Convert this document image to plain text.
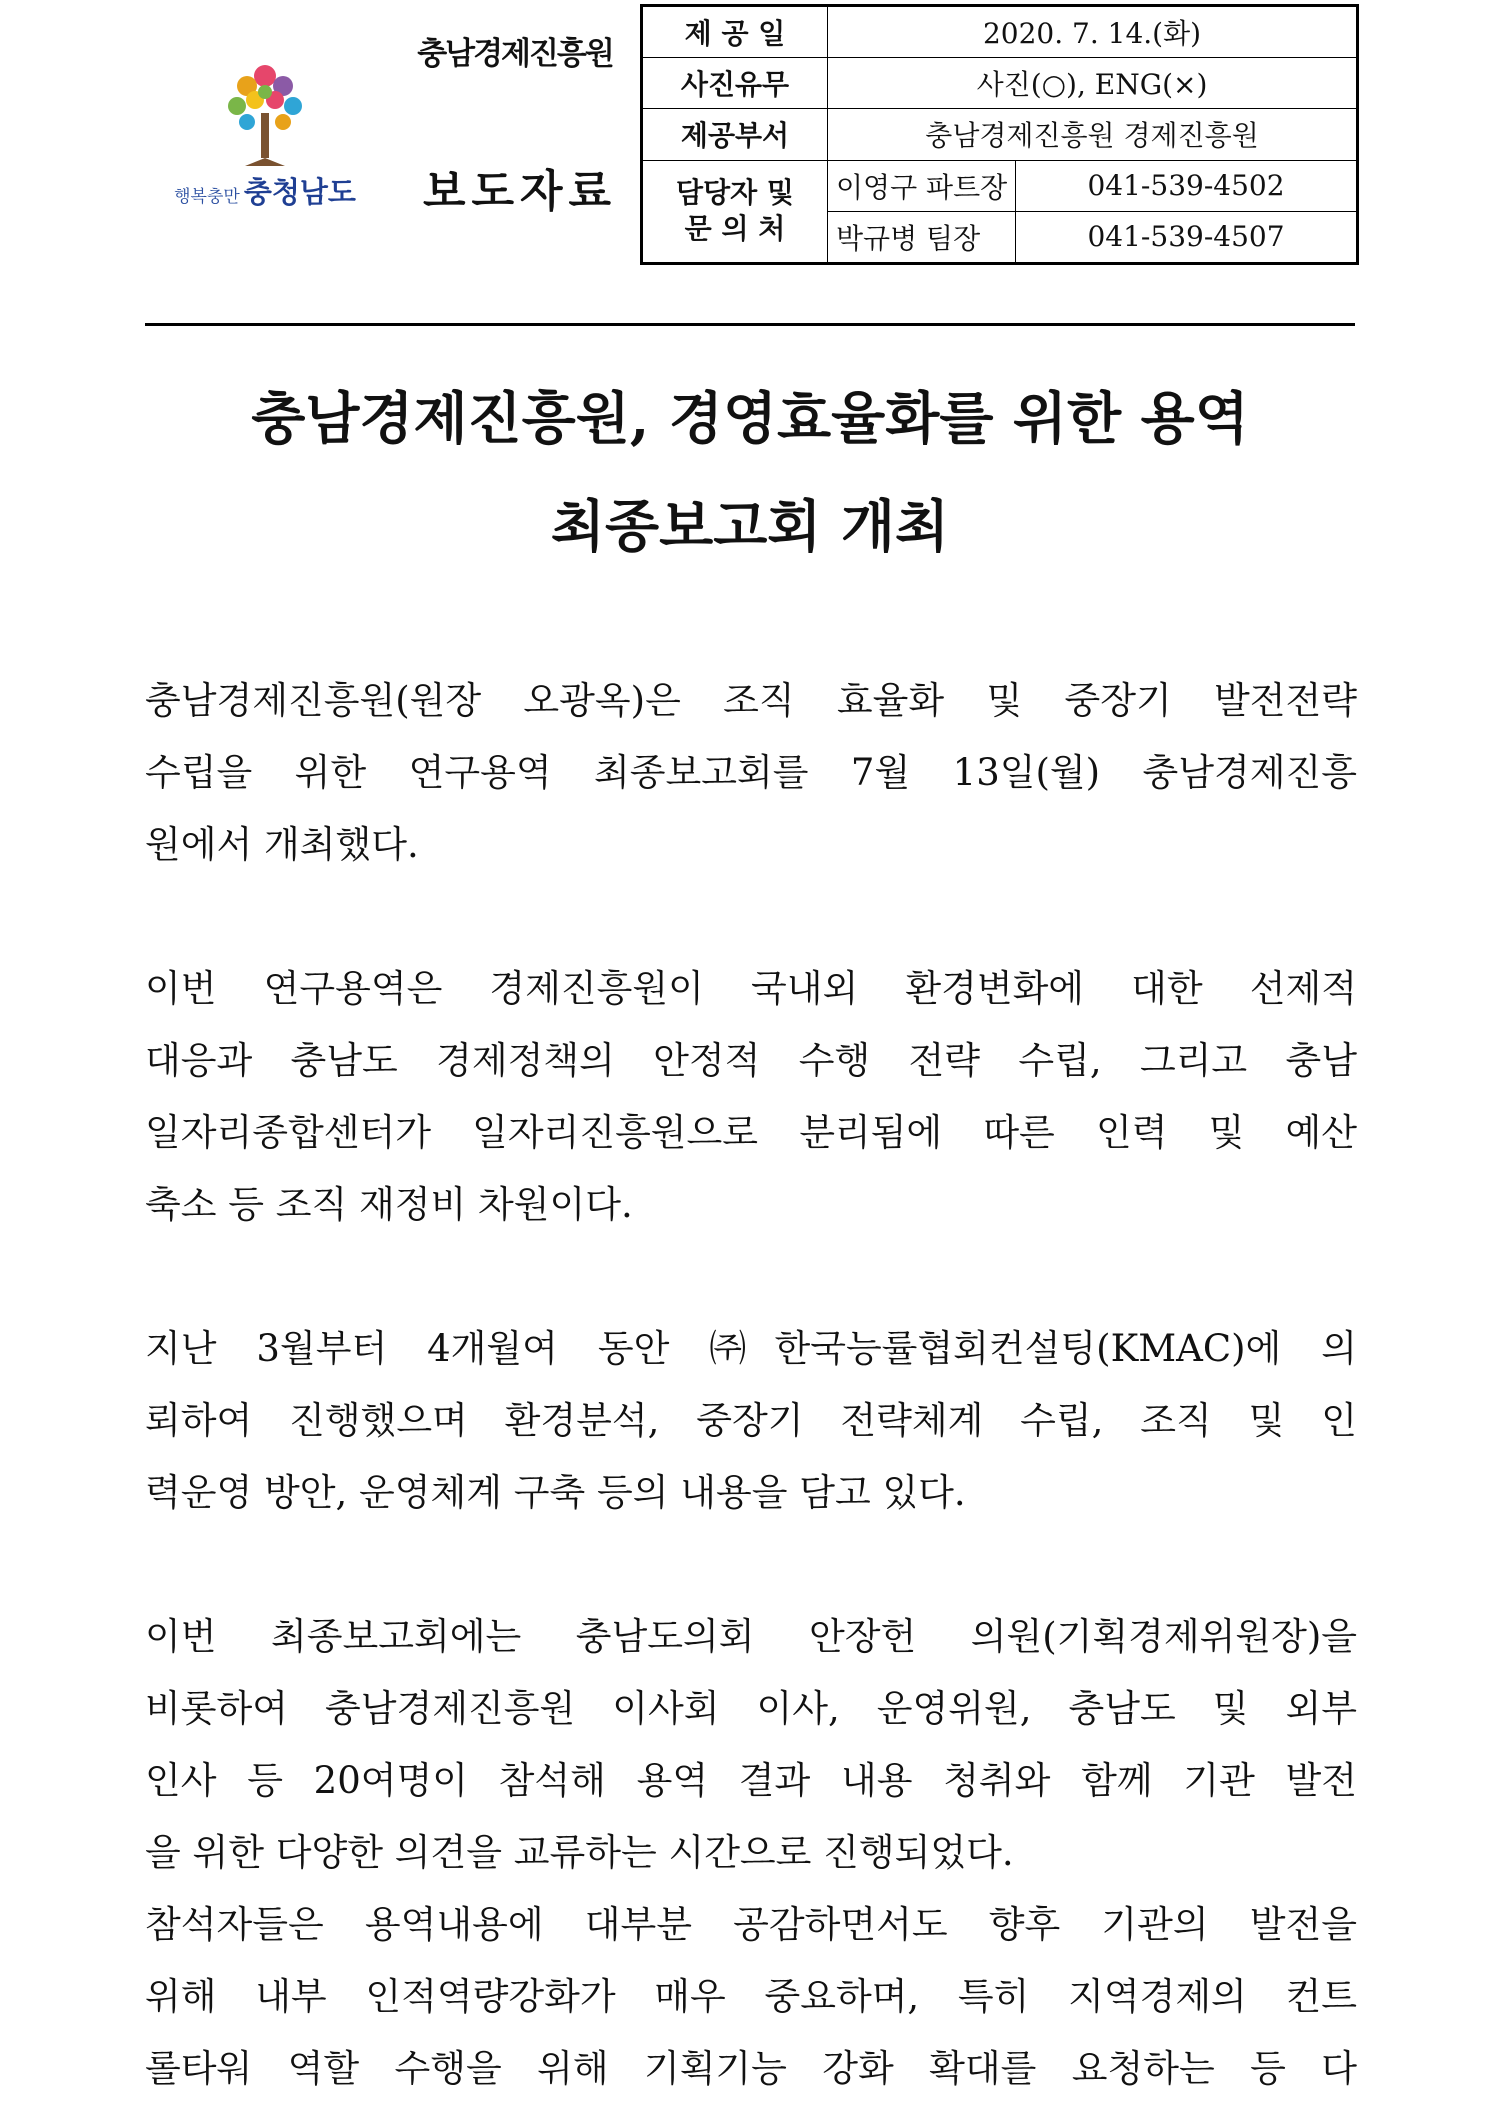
행복충만 충청남도
충남경제진흥원
보도자료
제 공 일	2020. 7. 14.(화)	
사진유무	사진(○), ENG(×)	
제공부서	충남경제진흥원 경제진흥원	

담당자 및
문 의 처	이영구 파트장	041-539-4502
	박규병 팀장	041-539-4507
충남경제진흥원, 경영효율화를 위한 용역
최종보고회 개최

충남경제진흥원(원장 오광옥)은 조직 효율화 및 중장기 발전전략
수립을 위한 연구용역 최종보고회를 7월 13일(월) 충남경제진흥
원에서 개최했다.

이번 연구용역은 경제진흥원이 국내외 환경변화에 대한 선제적
대응과 충남도 경제정책의 안정적 수행 전략 수립, 그리고 충남
일자리종합센터가 일자리진흥원으로 분리됨에 따른 인력 및 예산
축소 등 조직 재정비 차원이다.

지난 3월부터 4개월여 동안 ㈜한국능률협회컨설팅(KMAC)에 의
뢰하여 진행했으며 환경분석, 중장기 전략체계 수립, 조직 및 인
력운영 방안, 운영체계 구축 등의 내용을 담고 있다.

이번 최종보고회에는 충남도의회 안장헌 의원(기획경제위원장)을
비롯하여 충남경제진흥원 이사회 이사, 운영위원, 충남도 및 외부
인사 등 20여명이 참석해 용역 결과 내용 청취와 함께 기관 발전
을 위한 다양한 의견을 교류하는 시간으로 진행되었다.
참석자들은 용역내용에 대부분 공감하면서도 향후 기관의 발전을
위해 내부 인적역량강화가 매우 중요하며, 특히 지역경제의 컨트
롤타워 역할 수행을 위해 기획기능 강화 확대를 요청하는 등 다
